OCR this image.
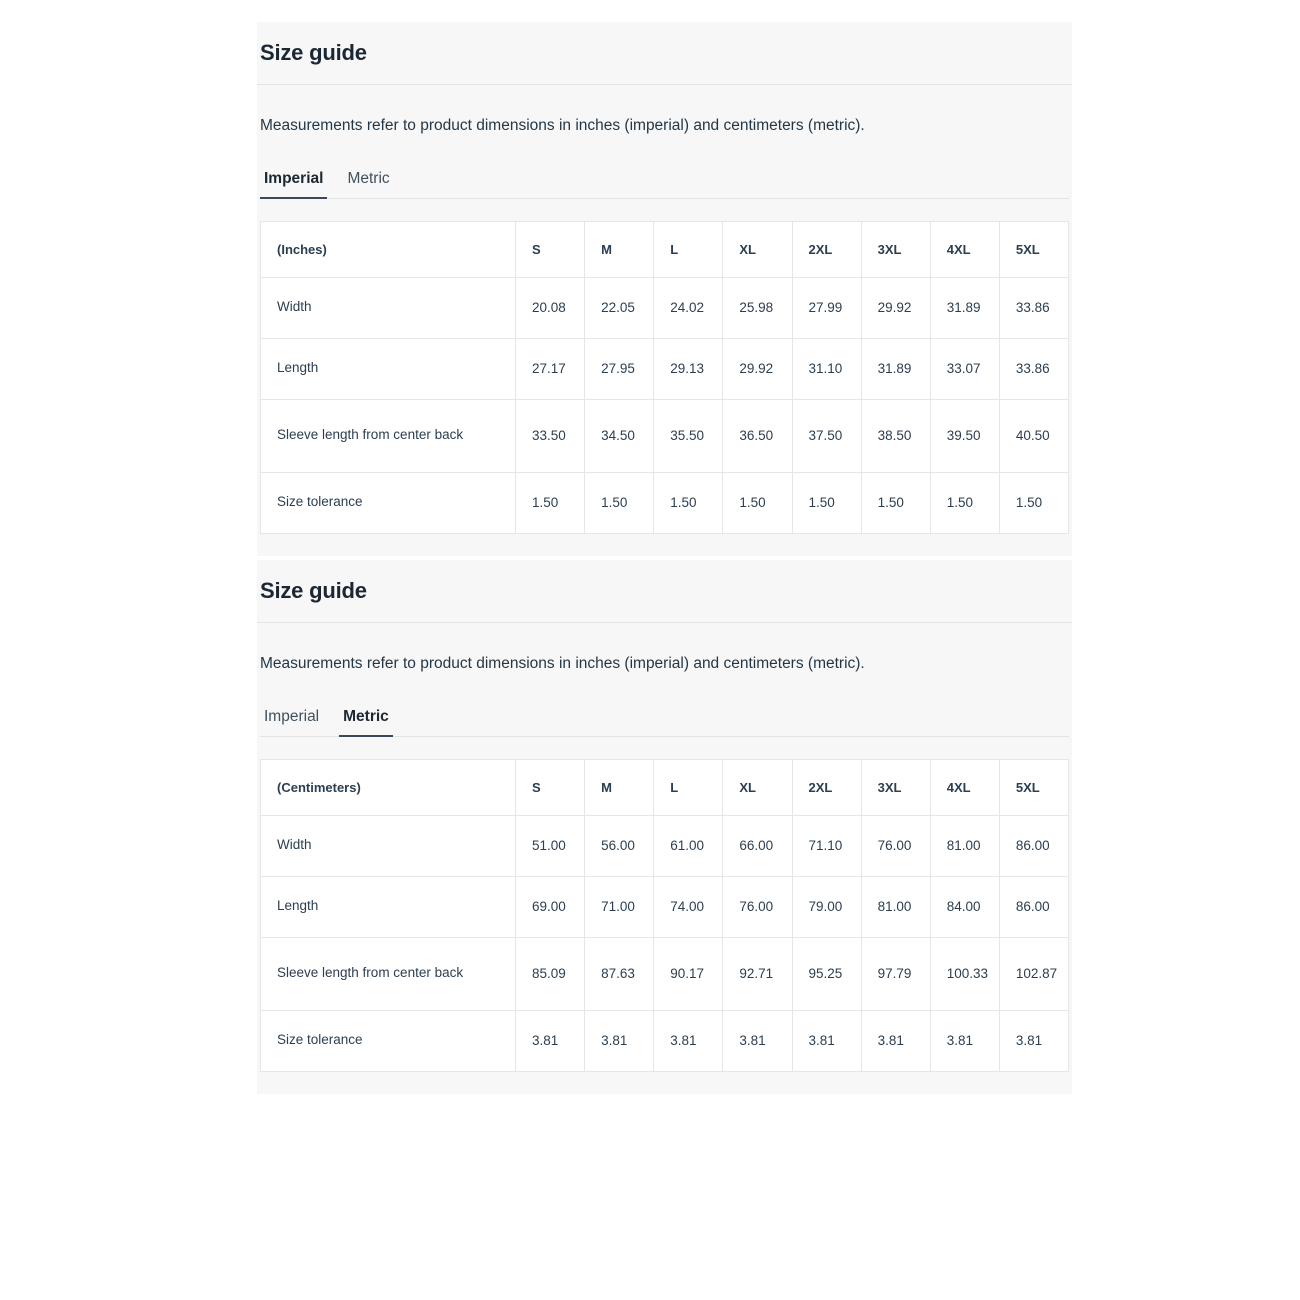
Size guide
Measurements refer to product dimensions in inches (imperial) and centimeters (metric).
Imperial Metric
(Inches)	S	M	L	XL	2XL	3XL	4XL	5XL
Width	20.08	22.05	24.02	25.98	27.99	29.92	31.89	33.86
Length	27.17	27.95	29.13	29.92	31.10	31.89	33.07	33.86
Sleeve length from center back	33.50	34.50	35.50	36.50	37.50	38.50	39.50	40.50
Size tolerance	1.50	1.50	1.50	1.50	1.50	1.50	1.50	1.50
Size guide
Measurements refer to product dimensions in inches (imperial) and centimeters (metric).
Imperial Metric
(Centimeters)	S	M	L	XL	2XL	3XL	4XL	5XL
Width	51.00	56.00	61.00	66.00	71.10	76.00	81.00	86.00
Length	69.00	71.00	74.00	76.00	79.00	81.00	84.00	86.00
Sleeve length from center back	85.09	87.63	90.17	92.71	95.25	97.79	100.33	102.87
Size tolerance	3.81	3.81	3.81	3.81	3.81	3.81	3.81	3.81
